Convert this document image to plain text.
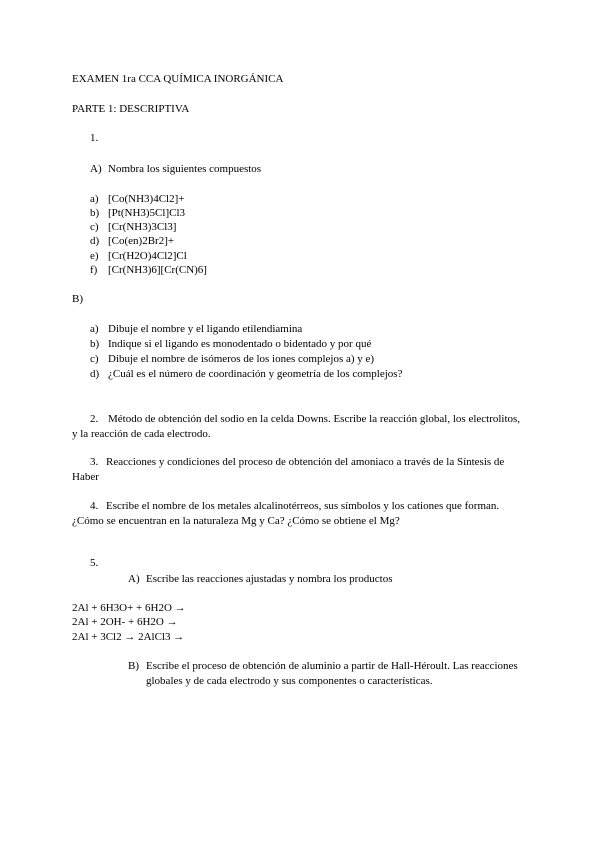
EXAMEN 1ra CCA QUÍMICA INORGÁNICA
PARTE 1: DESCRIPTIVA
1.
A) Nombra los siguientes compuestos
a) [Co(NH3)4Cl2]+
b) [Pt(NH3)5Cl]Cl3
c) [Cr(NH3)3Cl3]
d) [Co(en)2Br2]+
e) [Cr(H2O)4Cl2]Cl
f) [Cr(NH3)6][Cr(CN)6]
B)
a) Dibuje el nombre y el ligando etilendiamina
b) Indique si el ligando es monodentado o bidentado y por qué
c) Dibuje el nombre de isómeros de los iones complejos a) y e)
d) ¿Cuál es el número de coordinación y geometría de los complejos?
2. Método de obtención del sodio en la celda Downs. Escribe la reacción global, los electrolitos,
y la reacción de cada electrodo.
3. Reacciones y condiciones del proceso de obtención del amoniaco a través de la Síntesis de
Haber
4. Escribe el nombre de los metales alcalinotérreos, sus símbolos y los cationes que forman.
¿Cómo se encuentran en la naturaleza Mg y Ca? ¿Cómo se obtiene el Mg?
5.
A) Escribe las reacciones ajustadas y nombra los productos
2Al + 6H3O+ + 6H2O →
2Al + 2OH- + 6H2O →
2Al + 3Cl2 → 2AlCl3 →
B) Escribe el proceso de obtención de aluminio a partir de Hall-Héroult. Las reacciones
globales y de cada electrodo y sus componentes o características.
